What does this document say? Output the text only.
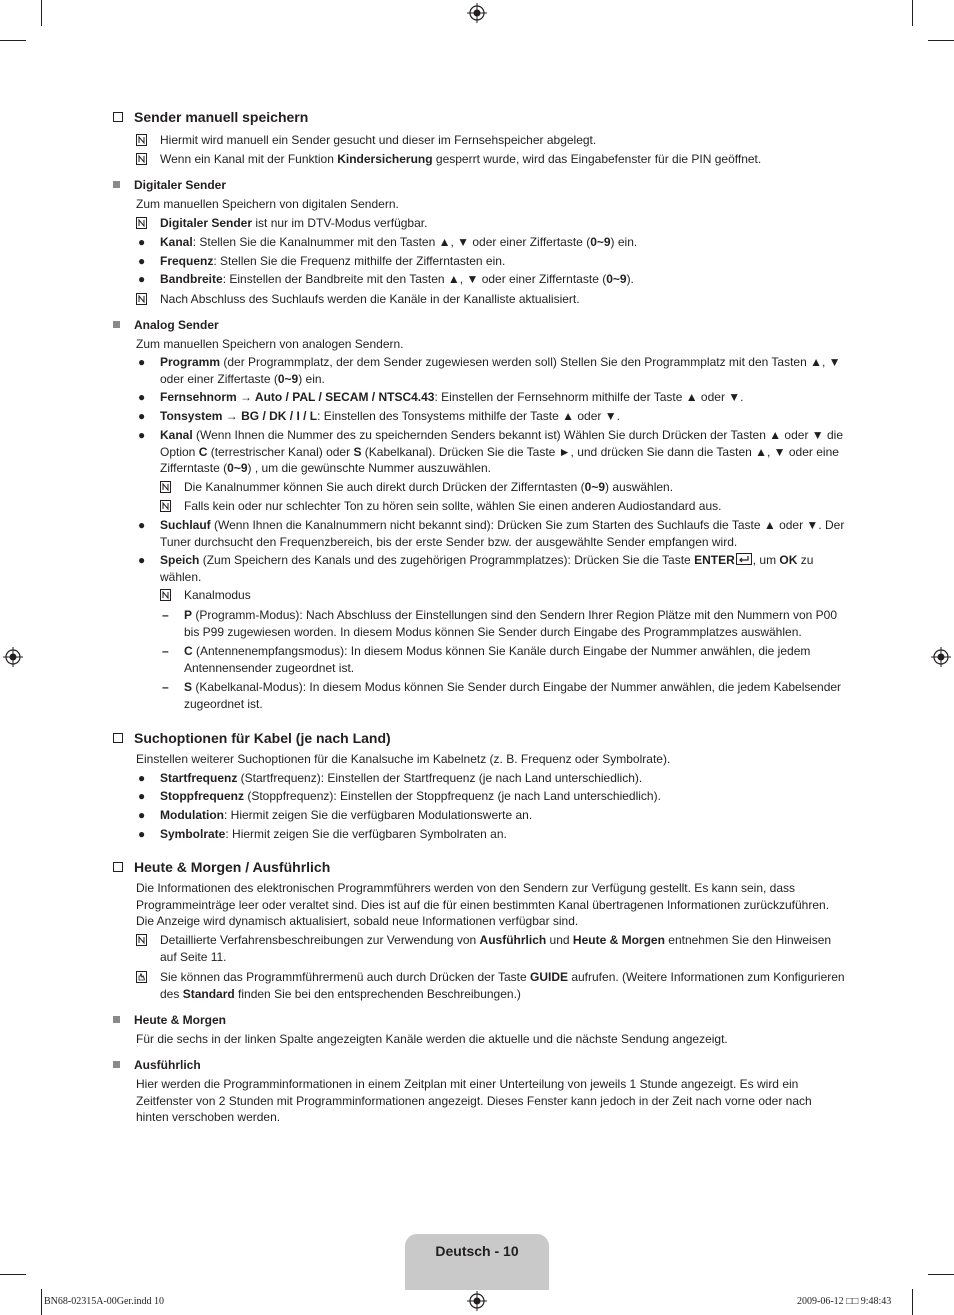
Sender manuell speichern
Hiermit wird manuell ein Sender gesucht und dieser im Fernsehspeicher abgelegt.
Wenn ein Kanal mit der Funktion Kindersicherung gesperrt wurde, wird das Eingabefenster für die PIN geöffnet.
Digitaler Sender
Zum manuellen Speichern von digitalen Sendern.
Digitaler Sender ist nur im DTV-Modus verfügbar.
● Kanal: Stellen Sie die Kanalnummer mit den Tasten ▲, ▼ oder einer Ziffertaste (0~9) ein.
● Frequenz: Stellen Sie die Frequenz mithilfe der Zifferntasten ein.
● Bandbreite: Einstellen der Bandbreite mit den Tasten ▲, ▼ oder einer Zifferntaste (0~9).
Nach Abschluss des Suchlaufs werden die Kanäle in der Kanalliste aktualisiert.
Analog Sender
Zum manuellen Speichern von analogen Sendern.
● Programm (der Programmplatz, der dem Sender zugewiesen werden soll) Stellen Sie den Programmplatz mit den Tasten ▲, ▼ oder einer Ziffertaste (0~9) ein.
● Fernsehnorm → Auto / PAL / SECAM / NTSC4.43: Einstellen der Fernsehnorm mithilfe der Taste ▲ oder ▼.
● Tonsystem → BG / DK / I / L: Einstellen des Tonsystems mithilfe der Taste ▲ oder ▼.
● Kanal (Wenn Ihnen die Nummer des zu speichernden Senders bekannt ist) Wählen Sie durch Drücken der Tasten ▲ oder ▼ die Option C (terrestrischer Kanal) oder S (Kabelkanal). Drücken Sie die Taste ►, und drücken Sie dann die Tasten ▲, ▼ oder eine Zifferntaste (0~9) , um die gewünschte Nummer auszuwählen.
Die Kanalnummer können Sie auch direkt durch Drücken der Zifferntasten (0~9) auswählen.
Falls kein oder nur schlechter Ton zu hören sein sollte, wählen Sie einen anderen Audiostandard aus.
● Suchlauf (Wenn Ihnen die Kanalnummern nicht bekannt sind): Drücken Sie zum Starten des Suchlaufs die Taste ▲ oder ▼. Der Tuner durchsucht den Frequenzbereich, bis der erste Sender bzw. der ausgewählte Sender empfangen wird.
● Speich (Zum Speichern des Kanals und des zugehörigen Programmplatzes): Drücken Sie die Taste ENTER , um OK zu wählen.
Kanalmodus
– P (Programm-Modus): Nach Abschluss der Einstellungen sind den Sendern Ihrer Region Plätze mit den Nummern von P00 bis P99 zugewiesen worden. In diesem Modus können Sie Sender durch Eingabe des Programmplatzes auswählen.
– C (Antennenempfangsmodus): In diesem Modus können Sie Kanäle durch Eingabe der Nummer anwählen, die jedem Antennensender zugeordnet ist.
– S (Kabelkanal-Modus): In diesem Modus können Sie Sender durch Eingabe der Nummer anwählen, die jedem Kabelsender zugeordnet ist.
Suchoptionen für Kabel (je nach Land)
Einstellen weiterer Suchoptionen für die Kanalsuche im Kabelnetz (z. B. Frequenz oder Symbolrate).
● Startfrequenz (Startfrequenz): Einstellen der Startfrequenz (je nach Land unterschiedlich).
● Stoppfrequenz (Stoppfrequenz): Einstellen der Stoppfrequenz (je nach Land unterschiedlich).
● Modulation: Hiermit zeigen Sie die verfügbaren Modulationswerte an.
● Symbolrate: Hiermit zeigen Sie die verfügbaren Symbolraten an.
Heute & Morgen / Ausführlich
Die Informationen des elektronischen Programmführers werden von den Sendern zur Verfügung gestellt. Es kann sein, dass Programmeinträge leer oder veraltet sind. Dies ist auf die für einen bestimmten Kanal übertragenen Informationen zurückzuführen. Die Anzeige wird dynamisch aktualisiert, sobald neue Informationen verfügbar sind.
Detaillierte Verfahrensbeschreibungen zur Verwendung von Ausführlich und Heute & Morgen entnehmen Sie den Hinweisen auf Seite 11.
Sie können das Programmführermenü auch durch Drücken der Taste GUIDE aufrufen. (Weitere Informationen zum Konfigurieren des Standard finden Sie bei den entsprechenden Beschreibungen.)
Heute & Morgen
Für die sechs in der linken Spalte angezeigten Kanäle werden die aktuelle und die nächste Sendung angezeigt.
Ausführlich
Hier werden die Programminformationen in einem Zeitplan mit einer Unterteilung von jeweils 1 Stunde angezeigt. Es wird ein Zeitfenster von 2 Stunden mit Programminformationen angezeigt. Dieses Fenster kann jedoch in der Zeit nach vorne oder nach hinten verschoben werden.
Deutsch - 10
BN68-02315A-00Ger.indd 10	2009-06-12 □□ 9:48:43
